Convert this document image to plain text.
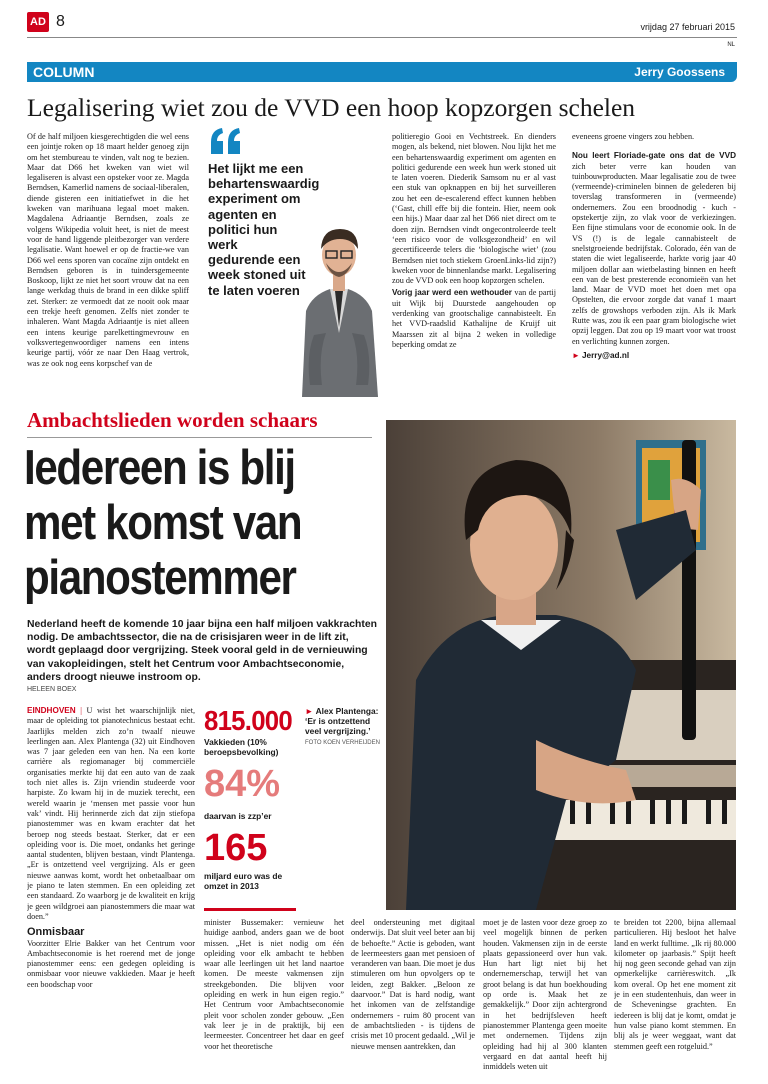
AD 8	vrijdag 27 februari 2015
NL
COLUMN	Jerry Goossens
Legalisering wiet zou de VVD een hoop kopzorgen schelen

Of de half miljoen kiesgerechtigden die wel eens een jointje roken op 18 maart helder genoeg zijn om het stembureau te vinden, valt nog te bezien. Maar dat D66 het kweken van wiet wil legaliseren is alvast een opsteker voor ze. Magda Berndsen, Kamerlid namens de sociaal-liberalen, diende gisteren een initiatiefwet in die het kweken van marihuana legaal moet maken. Magdalena Adriaantje Berndsen, zoals ze volgens Wikipedia voluit heet, is niet de meest voor de hand liggende pleitbezorger van verdere legalisatie. Want hoewel er op de fractie-we van D66 wel eens sporen van cocaïne zijn ontdekt en Berndsen geboren is in tuindersgemeente Boskoop, lijkt ze niet het soort vrouw dat na een lange werkdag thuis de brand in een dikke spliff zet. Sterker: ze vermoedt dat ze nooit ook maar een trekje heeft genomen. Zelfs niet zonder te inhaleren. Want Magda Adriaantje is niet alleen een intens keurige parelkettingmevrouw en volksvertegenwoordiger namens een intens keurige partij, vóór ze naar Den Haag vertrok, was ze ook nog eens korpschef van de

Het lijkt me een behartenswaardig experiment om agenten en politici hun werk gedurende een week stoned uit te laten voeren

politieregio Gooi en Vechtstreek. En dienders mogen, als bekend, niet blowen. Nou lijkt het me een behartenswaardig experiment om agenten en politici gedurende een week hun werk stoned uit te laten voeren. Diederik Samsom nu er al vast een stuk van opknappen en bij het surveilleren zou het een de-escalerend effect kunnen hebben (‘Gast, chill effe bij die fontein. Hier, neem ook een hijs.) Maar daar zal het D66 niet direct om te doen zijn. Berndsen vindt ongecontroleerde teelt ‘een risico voor de volksgezondheid’ en wil gecertificeerde telers die ‘biologische wiet’ (zou Berndsen niet toch stiekem GroenLinks-lid zijn?) kweken voor de binnenlandse markt. Legalisering zou de VVD ook een hoop kopzorgen schelen.

Vorig jaar werd een wethouder van de partij uit Wijk bij Duurstede aangehouden op verdenking van grootschalige cannabisteelt. En het VVD-raadslid Kathalijne de Kruijf uit Maarssen zit al bijna 2 weken in volledige beperking omdat ze

eveneens groene vingers zou hebben.

Nou leert Floriade-gate ons dat de VVD zich beter verre kan houden van tuinbouwproducten. Maar legalisatie zou de twee (vermeende)-criminelen binnen de gelederen bij toverslag transformeren in (vermeende) ondernemers. Zou een broodnodig - kuch - opstekertje zijn, zo vlak voor de verkiezingen. Een fijne stimulans voor de economie ook. In de VS (!) is de legale cannabisteelt de snelstgroeiende bedrijfstak. Colorado, één van de staten die wiet legaliseerde, harkte vorig jaar 40 miljoen dollar aan wietbelasting binnen en heeft een van de best presterende economieën van het land. Maar de VVD moet het doen met opa Opstelten, die ervoor zorgde dat vanaf 1 maart zelfs de growshops verboden zijn. Als ik Mark Rutte was, zou ik een paar gram biologische wiet opzij leggen. Dat zou op 19 maart voor wat troost en verlichting kunnen zorgen.

► Jerry@ad.nl

Ambachtslieden worden schaars
Iedereen is blij
met komst van
pianostemmer
Nederland heeft de komende 10 jaar bijna een half miljoen vakkrachten nodig. De ambachtssector, die na de crisisjaren weer in de lift zit, wordt geplaagd door vergrijzing. Steek vooral geld in de vernieuwing van vakopleidingen, stelt het Centrum voor Ambachtseconomie, anders droogt nieuwe instroom op.
HELEEN BOEX

EINDHOVEN | U wist het waarschijnlijk niet, maar de opleiding tot pianotechnicus bestaat echt. Jaarlijks melden zich zo’n twaalf nieuwe leerlingen aan. Alex Plantenga (32) uit Eindhoven was 7 jaar geleden een van hen. Na een korte carrière als regiomanager bij commerciële organisaties merkte hij dat een auto van de zaak toch niet alles is. Zijn vriendin studeerde voor harpiste. Zo kwam hij in de muziek terecht, een wereld waarin je ‘mensen met passie voor hun vak’ vindt. Hij herinnerde zich dat zijn stiefopa pianostemmer was en kwam erachter dat het beroep nog steeds bestaat. Sterker, dat er een opleiding voor is. Die moet, ondanks het geringe aantal studenten, blijven bestaan, vindt Plantenga. „Er is ontzettend veel vergrijzing. Als er geen nieuwe aanwas komt, wordt het onbetaalbaar om je piano te laten stemmen. En een opleiding zet een standaard. Zo waarborg je de kwaliteit en krijg je geen wildgroei aan pianostemmers die maar wat doen.”

Onmisbaar

Voorzitter Elrie Bakker van het Centrum voor Ambachtseconomie is het roerend met de jonge pianostemmer eens: een gedegen opleiding is onmisbaar voor nieuwe vakkieden. Maar je heeft een boodschap voor

815.000
Vakkieden (10% beroepsbevolking)
84%
daarvan is zzp’er
165
miljard euro was de omzet in 2013
► Alex Plantenga: ‘Er is ontzettend veel vergrijzing.’ FOTO KOEN VERHEIJDEN

minister Bussemaker: vernieuw het huidige aanbod, anders gaan we de boot missen. „Het is niet nodig om één opleiding voor elk ambacht te hebben waar alle leerlingen uit het land naartoe komen. De meeste vakmensen zijn streekgebonden. Die blijven voor opleiding en werk in hun eigen regio.” Het Centrum voor Ambachtseconomie pleit voor scholen zonder gebouw. „Een vak leer je in de praktijk, bij een leermeester. Concentreer het daar en geef voor het theoretische

deel ondersteuning met digitaal onderwijs. Dat sluit veel beter aan bij de behoefte.” Actie is geboden, want de leermeesters gaan met pensioen of veranderen van baan. Die moet je dus stimuleren om hun opvolgers op te leiden, zegt Bakker. „Beloon ze daarvoor.” Dat is hard nodig, want het inkomen van de zelfstandige ondernemers - ruim 80 procent van de ambachtslieden - is tijdens de crisis met 10 procent gedaald. „Wil je nieuwe mensen aantrekken, dan

moet je de lasten voor deze groep zo veel mogelijk binnen de perken houden. Vakmensen zijn in de eerste plaats gepassioneerd over hun vak. Hun hart ligt niet bij het ondernemerschap, terwijl het van groot belang is dat hun boekhouding op orde is. Maak het ze gemakkelijk.” Door zijn achtergrond in het bedrijfsleven heeft pianostemmer Plantenga geen moeite met ondernemen. Tijdens zijn opleiding had hij al 300 klanten vergaard en dat aantal heeft hij inmiddels weten uit

te breiden tot 2200, bijna allemaal particulieren. Hij besloot het halve land en werkt fulltime. „Ik rij 80.000 kilometer op jaarbasis.” Spijt heeft hij nog geen seconde gehad van zijn opmerkelijke carrièreswitch. „Ik kom overal. Op het ene moment zit je in een studentenhuis, dan weer in de Scheveningse grachten. En iedereen is blij dat je komt, omdat je hun valse piano komt stemmen. En blij als je weer weggaat, want dat stemmen geeft een rotgeluid.”
